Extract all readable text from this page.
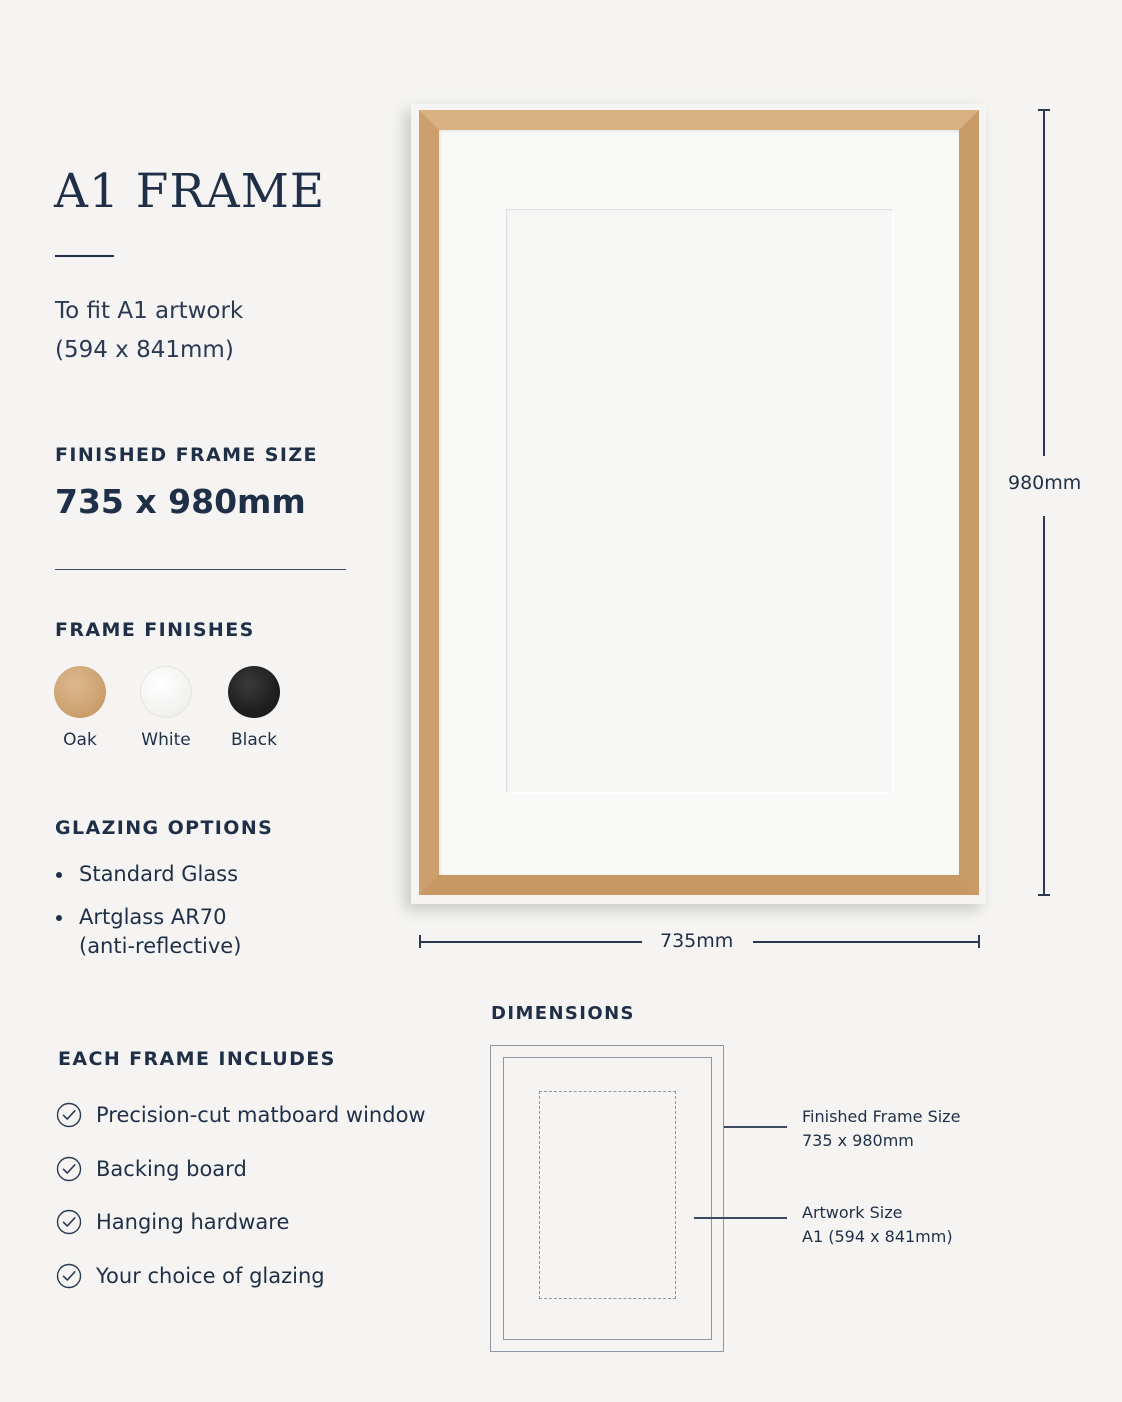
A1 FRAME
To fit A1 artwork
(594 x 841mm)
FINISHED FRAME SIZE
735 x 980mm
FRAME FINISHES
Oak	White	Black
GLAZING OPTIONS
Standard Glass
Artglass AR70
(anti-reflective)
EACH FRAME INCLUDES
Precision-cut matboard window
Backing board
Hanging hardware
Your choice of glazing
980mm
735mm
DIMENSIONS
Finished Frame Size
735 x 980mm
Artwork Size
A1 (594 x 841mm)
